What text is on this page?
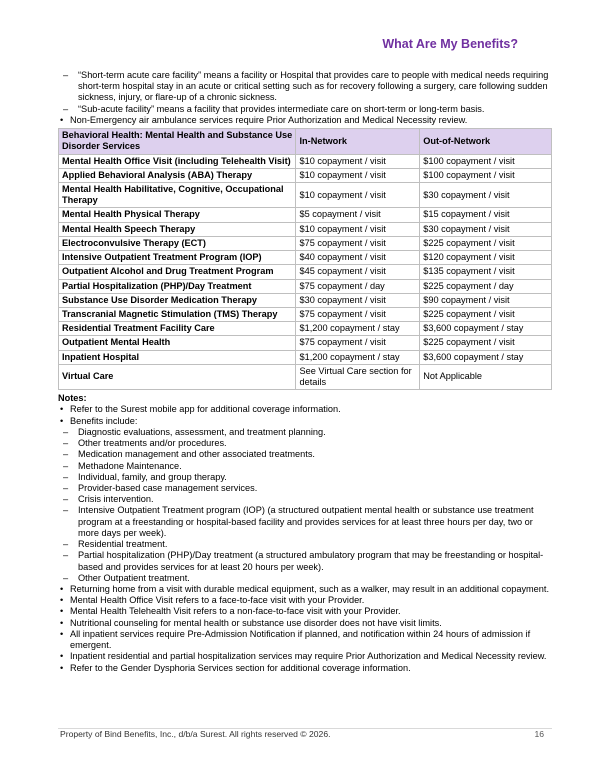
What Are My Benefits?
– “Short-term acute care facility” means a facility or Hospital that provides care to people with medical needs requiring short-term hospital stay in an acute or critical setting such as for recovery following a surgery, care following sudden sickness, injury, or flare-up of a chronic sickness.
– “Sub-acute facility” means a facility that provides intermediate care on short-term or long-term basis.
• Non-Emergency air ambulance services require Prior Authorization and Medical Necessity review.
Behavioral Health: Mental Health and Substance Use Disorder Services	In-Network	Out-of-Network
Mental Health Office Visit (including Telehealth Visit)	$10 copayment / visit	$100 copayment / visit
Applied Behavioral Analysis (ABA) Therapy	$10 copayment / visit	$100 copayment / visit
Mental Health Habilitative, Cognitive, Occupational Therapy	$10 copayment / visit	$30 copayment / visit
Mental Health Physical Therapy	$5 copayment / visit	$15 copayment / visit
Mental Health Speech Therapy	$10 copayment / visit	$30 copayment / visit
Electroconvulsive Therapy (ECT)	$75 copayment / visit	$225 copayment / visit
Intensive Outpatient Treatment Program (IOP)	$40 copayment / visit	$120 copayment / visit
Outpatient Alcohol and Drug Treatment Program	$45 copayment / visit	$135 copayment / visit
Partial Hospitalization (PHP)/Day Treatment	$75 copayment / day	$225 copayment / day
Substance Use Disorder Medication Therapy	$30 copayment / visit	$90 copayment / visit
Transcranial Magnetic Stimulation (TMS) Therapy	$75 copayment / visit	$225 copayment / visit
Residential Treatment Facility Care	$1,200 copayment / stay	$3,600 copayment / stay
Outpatient Mental Health	$75 copayment / visit	$225 copayment / visit
Inpatient Hospital	$1,200 copayment / stay	$3,600 copayment / stay
Virtual Care	See Virtual Care section for details	Not Applicable
Notes:
• Refer to the Surest mobile app for additional coverage information.
• Benefits include:
– Diagnostic evaluations, assessment, and treatment planning.
– Other treatments and/or procedures.
– Medication management and other associated treatments.
– Methadone Maintenance.
– Individual, family, and group therapy.
– Provider-based case management services.
– Crisis intervention.
– Intensive Outpatient Treatment program (IOP) (a structured outpatient mental health or substance use treatment program at a freestanding or hospital-based facility and provides services for at least three hours per day, two or more days per week).
– Residential treatment.
– Partial hospitalization (PHP)/Day treatment (a structured ambulatory program that may be freestanding or hospital-based and provides services for at least 20 hours per week).
– Other Outpatient treatment.
• Returning home from a visit with durable medical equipment, such as a walker, may result in an additional copayment.
• Mental Health Office Visit refers to a face-to-face visit with your Provider.
• Mental Health Telehealth Visit refers to a non-face-to-face visit with your Provider.
• Nutritional counseling for mental health or substance use disorder does not have visit limits.
• All inpatient services require Pre-Admission Notification if planned, and notification within 24 hours of admission if emergent.
• Inpatient residential and partial hospitalization services may require Prior Authorization and Medical Necessity review.
• Refer to the Gender Dysphoria Services section for additional coverage information.
Property of Bind Benefits, Inc., d/b/a Surest. All rights reserved © 2026.	16
